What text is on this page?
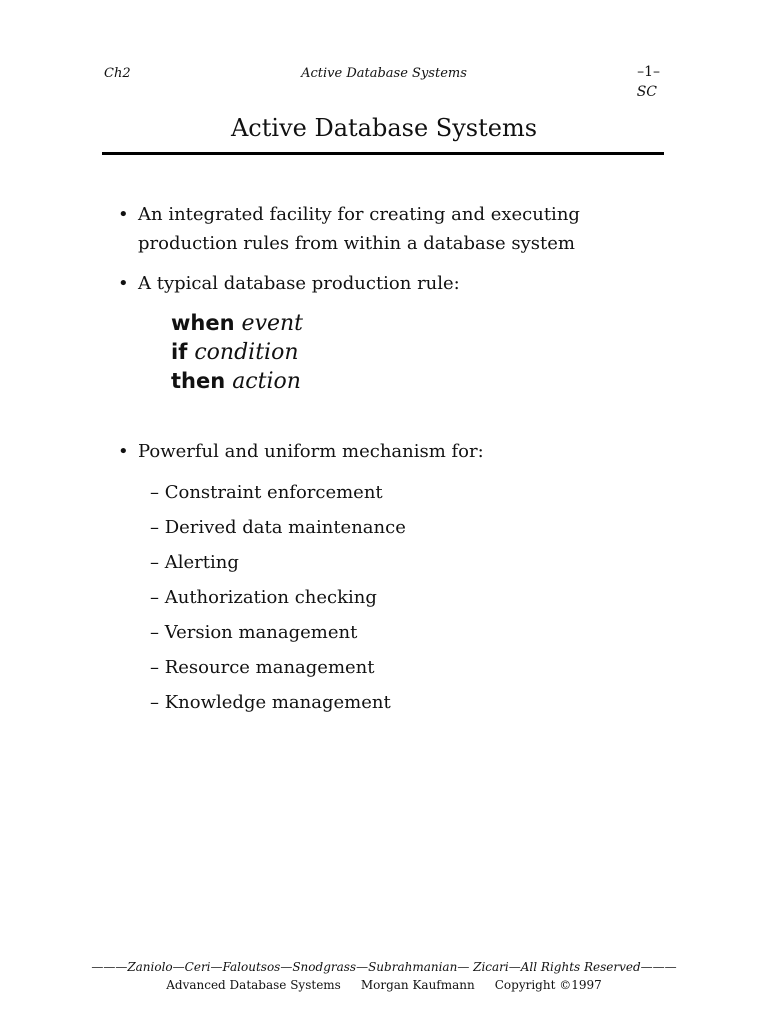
Ch2	Active Database Systems	–1–
SC
Active Database Systems
• An integrated facility for creating and executing production rules from within a database system
• A typical database production rule:
when event
if condition
then action
• Powerful and uniform mechanism for:
– Constraint enforcement
– Derived data maintenance
– Alerting
– Authorization checking
– Version management
– Resource management
– Knowledge management
———Zaniolo—Ceri—Faloutsos—Snodgrass—Subrahmanian— Zicari—All Rights Reserved———
Advanced Database Systems Morgan Kaufmann Copyright ©1997
